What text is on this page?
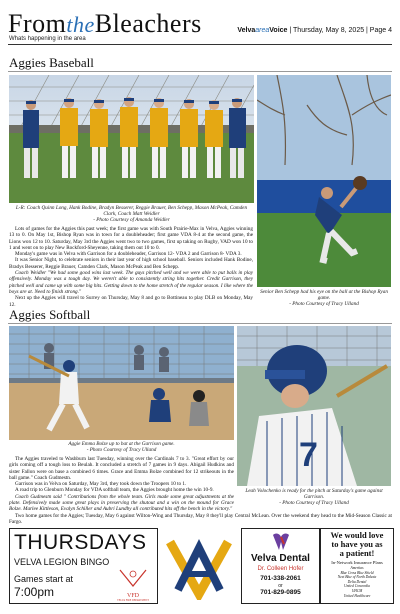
FromtheBleachers
Whats happening in the area
VelvaareaVoice | Thursday, May 8, 2025 | Page 4
Aggies Baseball
L-R: Coach Quinn Long, Hank Bodine, Bradyn Besserer, Reggie Brauer, Ben Schepp, Mason McPeak, Camden Clark, Coach Matt Weidler
- Photo Courtesy of Amanda Weidler
Senior Ben Schepp had his eye on the ball at the Bishop Ryan game.
- Photo Courtesy of Tracy Ulland

Lots of games for the Aggies this past week; the first game was with South Prairie-Max in Velva, Aggies winning 13 to 0. On May 1st, Bishop Ryan was in town for a doubleheader; first game VDA 8-4 at the second game, the Lions won 12 to 10. Saturday, May 3rd the Aggies went two to two games, first up taking on Rugby, VAD won 10 to 1 and went on to play New Rockford-Sheyenne, taking them out 10 to 0.

Monday's game was in Velva with Garrison for a doubleheader, Garrison 12- VDA 2 and Garrison 8- VDA 3.

It was Senior Night, to celebrate seniors in their last year of high school baseball. Seniors included Hank Bodine, Bradys Besserer, Reggie Brauer, Camden Clark, Mason McPeak and Ben Schepp.

Coach Weidler "We had some good wins last week. The guys pitched well and we were able to put balls in play offensively. Monday was a tough day. We weren't able to consistently string hits together. Credit Garrison, they pitched well and came up with some big hits. Getting down to the home stretch of the regular season. I like where the boys are at. Need to finish strong."

Next up the Aggies will travel to Surrey on Thursday, May 8 and go to Bottineau to play DLB on Monday, May 12.

Aggies Softball
Aggie Emma Bolze up to bat at the Garrison game.
- Photo Courtesy of Tracy Ulland	7
Leah Volochenko is ready for the pitch at Saturday's game against Garrison.
- Photo Courtesy of Tracy Ulland

The Aggies traveled to Washburn last Tuesday, winning over the Cardinals 7 to 3. "Great effort by our girls coming off a tough loss to Beulah. It concluded a stretch of 7 games in 9 days. Abigail Hudkins and sister Fallon were on base a combined 6 times. Grace and Emma Bolze combined for 12 strikeouts in the ball game." Coach Gudmestn.

Garrison was in Velva on Saturday, May 3rd, they took down the Troopers 10 to 1.

A road trip to Glenburn Monday for VDA softball team, the Aggies brought home the win 10-9.

Coach Gudmestn said " Contributions from the whole team. Girls made some great adjustments at the plate. Defensively made some great plays in preserving the shutout and a win on the mound for Grace Bolze. Marlee Kittleson, Evalyn Schiller and Aubri Lundby all contributed hits off the bench in the victory."

Two home games for the Aggies; Tuesday, May 6 against Wilton-Wing and Thursday, May 8 they'll play Central McLean. Over the weekend they head to the Mid-Season Classic at Fargo.

THURSDAYS
VELVA LEGION BINGO
Games start at
7:00pm	VFD
VELVA FIRE DEPARTMENT
Velva Dental
Dr. Colleen Hofer
701-338-2061
or
701-829-0895
We would love
to have you as
a patient!
In-Network Insurance Plans
Ameritas
Blue Cross Blue Shield
Next Blue of North Dakota
Delta Dental
United Concordia
UHCM
United Healthcare
